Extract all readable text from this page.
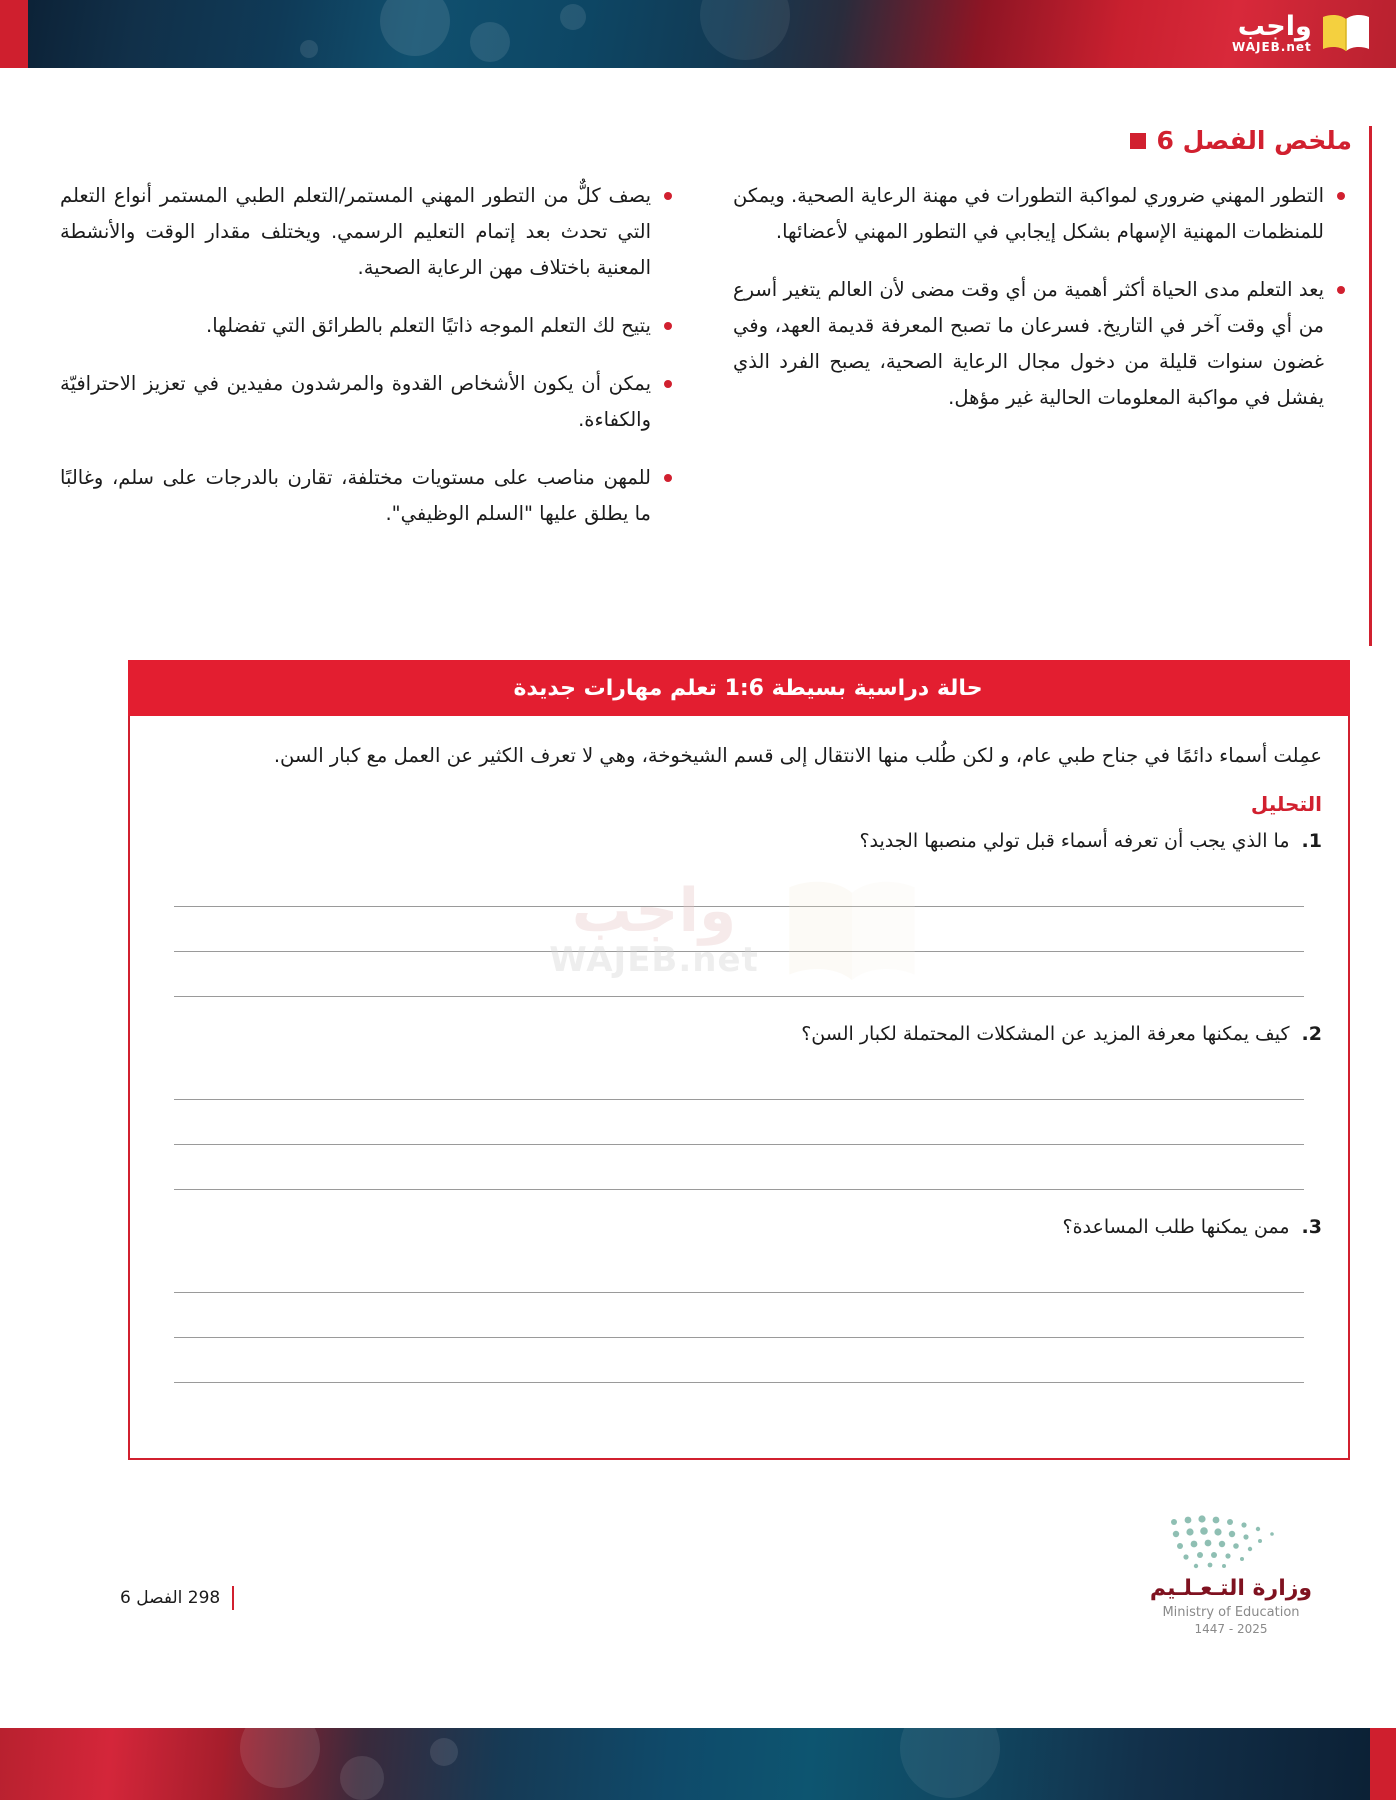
واجب
WAJEB.net
ملخص الفصل 6
التطور المهني ضروري لمواكبة التطورات في مهنة الرعاية الصحية. ويمكن للمنظمات المهنية الإسهام بشكل إيجابي في التطور المهني لأعضائها.
يعد التعلم مدى الحياة أكثر أهمية من أي وقت مضى لأن العالم يتغير أسرع من أي وقت آخر في التاريخ. فسرعان ما تصبح المعرفة قديمة العهد، وفي غضون سنوات قليلة من دخول مجال الرعاية الصحية، يصبح الفرد الذي يفشل في مواكبة المعلومات الحالية غير مؤهل.
يصف كلٌّ من التطور المهني المستمر/التعلم الطبي المستمر أنواع التعلم التي تحدث بعد إتمام التعليم الرسمي. ويختلف مقدار الوقت والأنشطة المعنية باختلاف مهن الرعاية الصحية.
يتيح لك التعلم الموجه ذاتيًا التعلم بالطرائق التي تفضلها.
يمكن أن يكون الأشخاص القدوة والمرشدون مفيدين في تعزيز الاحترافيّة والكفاءة.
للمهن مناصب على مستويات مختلفة، تقارن بالدرجات على سلم، وغالبًا ما يطلق عليها "السلم الوظيفي".
حالة دراسية بسيطة 1:6 تعلم مهارات جديدة
واجب
WAJEB.net

عمِلت أسماء دائمًا في جناح طبي عام، و لكن طُلب منها الانتقال إلى قسم الشيخوخة، وهي لا تعرف الكثير عن العمل مع كبار السن.

التحليل
1. ما الذي يجب أن تعرفه أسماء قبل تولي منصبها الجديد؟
2. كيف يمكنها معرفة المزيد عن المشكلات المحتملة لكبار السن؟
3. ممن يمكنها طلب المساعدة؟
وزارة التـعـلـيم
Ministry of Education
2025 - 1447
298 الفصل 6
